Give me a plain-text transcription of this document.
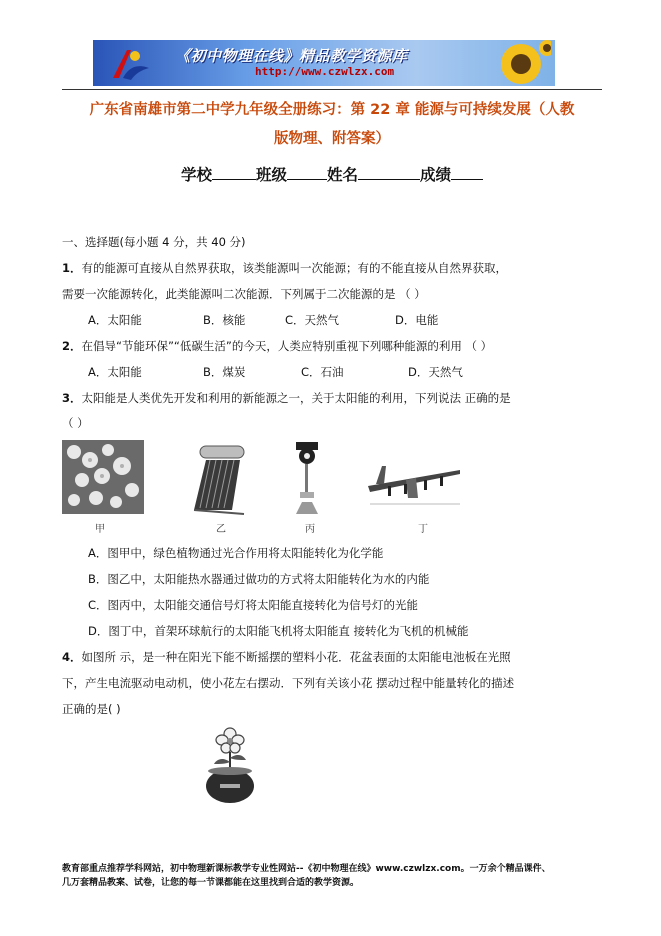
《初中物理在线》精品教学资源库
http://www.czwlzx.com
广东省南雄市第二中学九年级全册练习：第 22 章 能源与可持续发展（人教
版物理、附答案）
学校	班级	姓名	成绩
一、选择题(每小题 4 分，共 40 分)
1．有的能源可直接从自然界获取，该类能源叫一次能源；有的不能直接从自然界获取，
需要一次能源转化，此类能源叫二次能源．下列属于二次能源的是 （ ）
A．太阳能	B．核能	C．天然气	D．电能
2．在倡导“节能环保”“低碳生活”的今天，人类应特别重视下列哪种能源的利用 （ ）
A．太阳能	B．煤炭	C．石油	D．天然气
3．太阳能是人类优先开发和利用的新能源之一，关于太阳能的利用，下列说法 正确的是
（ ）
甲	乙	丙	丁
A．图甲中，绿色植物通过光合作用将太阳能转化为化学能
B．图乙中，太阳能热水器通过做功的方式将太阳能转化为水的内能
C．图丙中，太阳能交通信号灯将太阳能直接转化为信号灯的光能
D．图丁中，首架环球航行的太阳能飞机将太阳能直 接转化为飞机的机械能
4．如图所 示，是一种在阳光下能不断摇摆的塑料小花．花盆表面的太阳能电池板在光照
下，产生电流驱动电动机，使小花左右摆动．下列有关该小花 摆动过程中能量转化的描述
正确的是( )
教育部重点推荐学科网站，初中物理新课标教学专业性网站--《初中物理在线》www.czwlzx.com。一万余个精品课件、
几万套精品教案、试卷，让您的每一节课都能在这里找到合适的教学资源。
